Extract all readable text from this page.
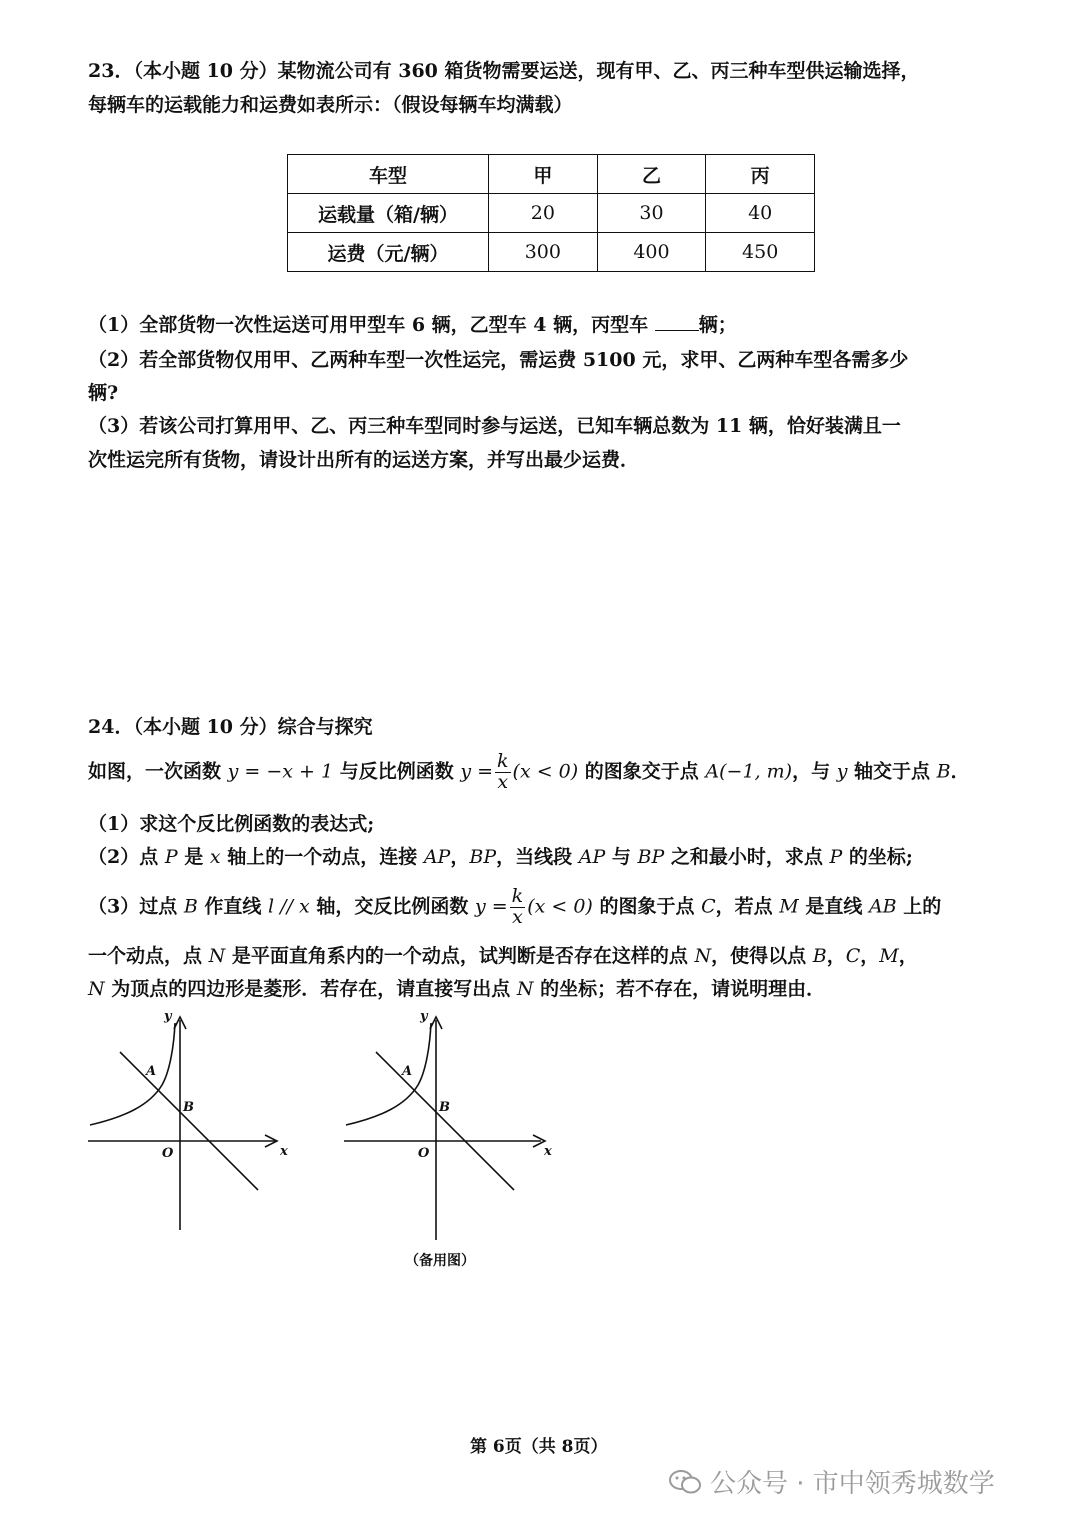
23．（本小题 10 分）某物流公司有 360 箱货物需要运送，现有甲、乙、丙三种车型供运输选择，
每辆车的运载能力和运费如表所示：（假设每辆车均满载）
车型	甲	乙	丙
运载量（箱/辆）	20	30	40
运费（元/辆）	300	400	450
（1）全部货物一次性运送可用甲型车 6 辆，乙型车 4 辆，丙型车 辆；
（2）若全部货物仅用甲、乙两种车型一次性运完，需运费 5100 元，求甲、乙两种车型各需多少
辆?
（3）若该公司打算用甲、乙、丙三种车型同时参与运送，已知车辆总数为 11 辆，恰好装满且一
次性运完所有货物，请设计出所有的运送方案，并写出最少运费．
24．（本小题 10 分）综合与探究
如图，一次函数 y = −x + 1 与反比例函数 $y = \frac{k}{x} (x < 0)$ 的图象交于点 A(−1, m)，与 y 轴交于点 B．
（1）求这个反比例函数的表达式;
（2）点 P 是 x 轴上的一个动点，连接 AP，BP，当线段 AP 与 BP 之和最小时，求点 P 的坐标;
（3）过点 B 作直线 l // x 轴，交反比例函数 $y = \frac{k}{x} (x < 0)$ 的图象于点 C，若点 M 是直线 AB 上的
一个动点，点 N 是平面直角系内的一个动点，试判断是否存在这样的点 N，使得以点 B，C，M，
N 为顶点的四边形是菱形．若存在，请直接写出点 N 的坐标；若不存在，请说明理由．
y
x
O
A
B
y
x
O
A
B
（备用图）
第 6页（共 8页）
公众号 · 市中领秀城数学
